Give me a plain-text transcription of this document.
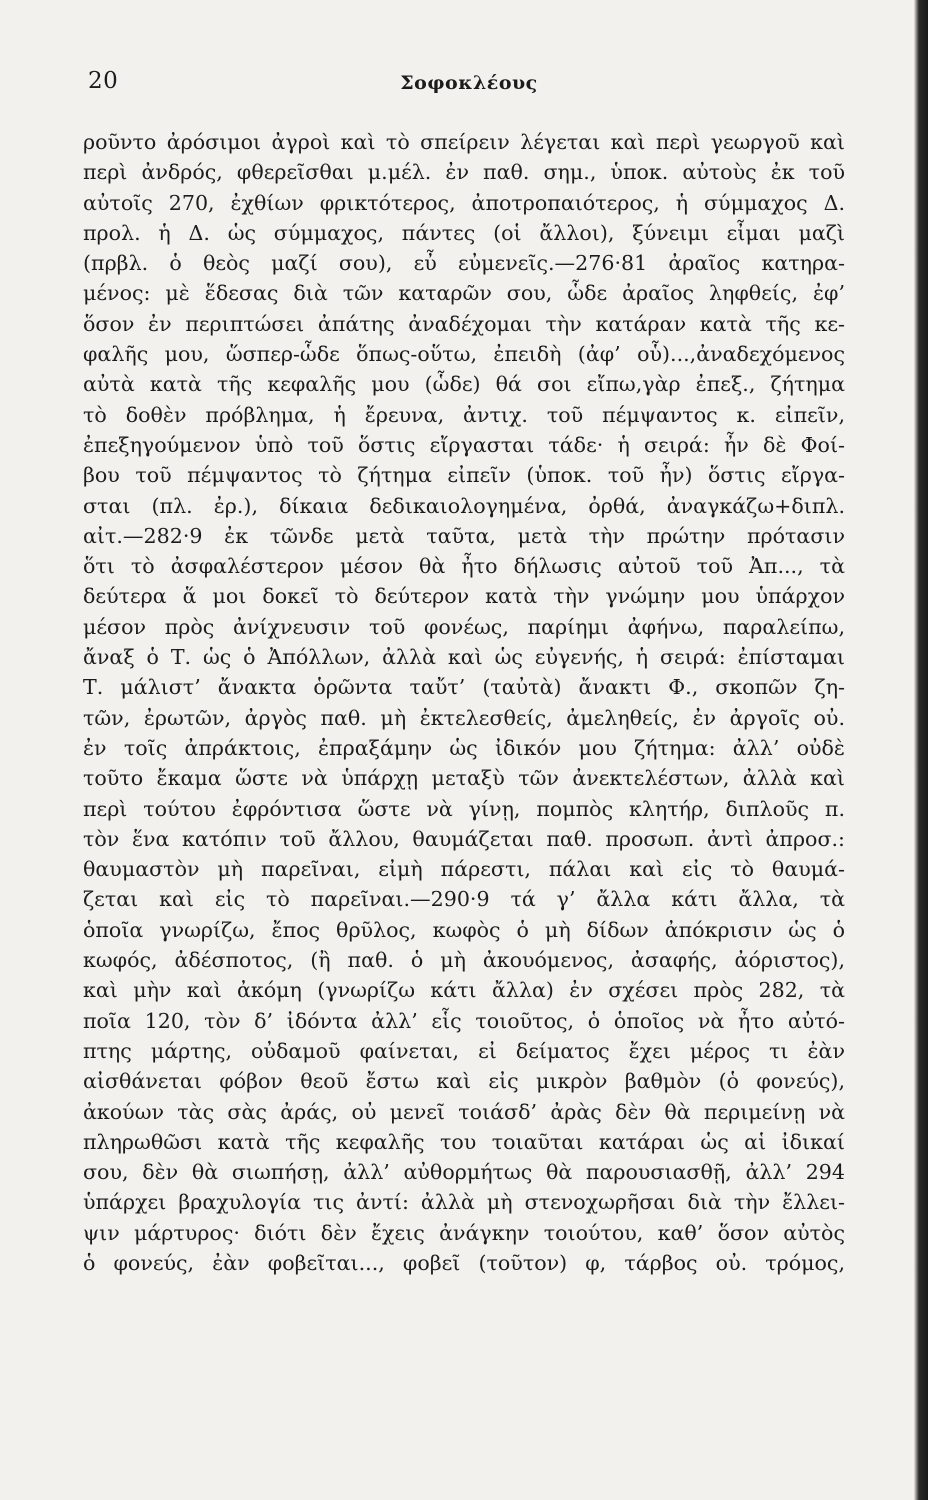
20	Σοφοκλέους
ροῦντο ἀρόσιμοι ἀγροὶ καὶ τὸ σπείρειν λέγεται καὶ περὶ γεωργοῦ καὶ
περὶ ἀνδρός, φθερεῖσθαι μ.μέλ. ἐν παθ. σημ., ὑποκ. αὐτοὺς ἐκ τοῦ
αὐτοῖς 270, ἐχθίων φρικτότερος, ἀποτροπαιότερος, ἡ σύμμαχος Δ.
προλ. ἡ Δ. ὡς σύμμαχος, πάντες (οἱ ἄλλοι), ξύνειμι εἶμαι μαζὶ
(πρβλ. ὁ θεὸς μαζί σου), εὖ εὐμενεῖς.—276·81 ἀραῖος κατηρα-
μένος: μὲ ἕδεσας διὰ τῶν καταρῶν σου, ὧδε ἀραῖος ληφθείς, ἐφ’
ὅσον ἐν περιπτώσει ἀπάτης ἀναδέχομαι τὴν κατάραν κατὰ τῆς κε-
φαλῆς μου, ὥσπερ-ὧδε ὅπως-οὕτω, ἐπειδὴ (ἀφ’ οὗ)...,ἀναδεχόμενος
αὐτὰ κατὰ τῆς κεφαλῆς μου (ὧδε) θά σοι εἴπω,γὰρ ἐπεξ., ζήτημα
τὸ δοθὲν πρόβλημα, ἡ ἔρευνα, ἀντιχ. τοῦ πέμψαντος κ. εἰπεῖν,
ἐπεξηγούμενον ὑπὸ τοῦ ὅστις εἴργασται τάδε· ἡ σειρά: ἦν δὲ Φοί-
βου τοῦ πέμψαντος τὸ ζήτημα εἰπεῖν (ὑποκ. τοῦ ἦν) ὅστις εἴργα-
σται (πλ. ἐρ.), δίκαια δεδικαιολογημένα, ὀρθά, ἀναγκάζω+διπλ.
αἰτ.—282·9 ἐκ τῶνδε μετὰ ταῦτα, μετὰ τὴν πρώτην πρότασιν
ὅτι τὸ ἀσφαλέστερον μέσον θὰ ἦτο δήλωσις αὐτοῦ τοῦ Ἀπ..., τὰ
δεύτερα ἅ μοι δοκεῖ τὸ δεύτερον κατὰ τὴν γνώμην μου ὑπάρχον
μέσον πρὸς ἀνίχνευσιν τοῦ φονέως, παρίημι ἀφήνω, παραλείπω,
ἄναξ ὁ Τ. ὡς ὁ Ἀπόλλων, ἀλλὰ καὶ ὡς εὐγενής, ἡ σειρά: ἐπίσταμαι
Τ. μάλιστ’ ἄνακτα ὁρῶντα ταὔτ’ (ταὐτὰ) ἄνακτι Φ., σκοπῶν ζη-
τῶν, ἐρωτῶν, ἀργὸς παθ. μὴ ἐκτελεσθείς, ἀμεληθείς, ἐν ἀργοῖς οὐ.
ἐν τοῖς ἀπράκτοις, ἐπραξάμην ὡς ἰδικόν μου ζήτημα: ἀλλ’ οὐδὲ
τοῦτο ἔκαμα ὥστε νὰ ὑπάρχῃ μεταξὺ τῶν ἀνεκτελέστων, ἀλλὰ καὶ
περὶ τούτου ἐφρόντισα ὥστε νὰ γίνῃ, πομπὸς κλητήρ, διπλοῦς π.
τὸν ἕνα κατόπιν τοῦ ἄλλου, θαυμάζεται παθ. προσωπ. ἀντὶ ἀπροσ.:
θαυμαστὸν μὴ παρεῖναι, εἰμὴ πάρεστι, πάλαι καὶ εἰς τὸ θαυμά-
ζεται καὶ εἰς τὸ παρεῖναι.—290·9 τά γ’ ἄλλα κάτι ἄλλα, τὰ
ὁποῖα γνωρίζω, ἔπος θρῦλος, κωφὸς ὁ μὴ δίδων ἀπόκρισιν ὡς ὁ
κωφός, ἀδέσποτος, (ἢ παθ. ὁ μὴ ἀκουόμενος, ἀσαφής, ἀόριστος),
καὶ μὴν καὶ ἀκόμη (γνωρίζω κάτι ἄλλα) ἐν σχέσει πρὸς 282, τὰ
ποῖα 120, τὸν δ’ ἰδόντα ἀλλ’ εἷς τοιοῦτος, ὁ ὁποῖος νὰ ἦτο αὐτό-
πτης μάρτης, οὐδαμοῦ φαίνεται, εἰ δείματος ἔχει μέρος τι ἐὰν
αἰσθάνεται φόβον θεοῦ ἔστω καὶ εἰς μικρὸν βαθμὸν (ὁ φονεύς),
ἀκούων τὰς σὰς ἀράς, οὐ μενεῖ τοιάσδ’ ἀρὰς δὲν θὰ περιμείνῃ νὰ
πληρωθῶσι κατὰ τῆς κεφαλῆς του τοιαῦται κατάραι ὡς αἱ ἰδικαί
σου, δὲν θὰ σιωπήσῃ, ἀλλ’ αὐθορμήτως θὰ παρουσιασθῇ, ἀλλ’ 294
ὑπάρχει βραχυλογία τις ἀντί: ἀλλὰ μὴ στενοχωρῆσαι διὰ τὴν ἔλλει-
ψιν μάρτυρος· διότι δὲν ἔχεις ἀνάγκην τοιούτου, καθ’ ὅσον αὐτὸς
ὁ φονεύς, ἐὰν φοβεῖται..., φοβεῖ (τοῦτον) φ, τάρβος οὐ. τρόμος,
